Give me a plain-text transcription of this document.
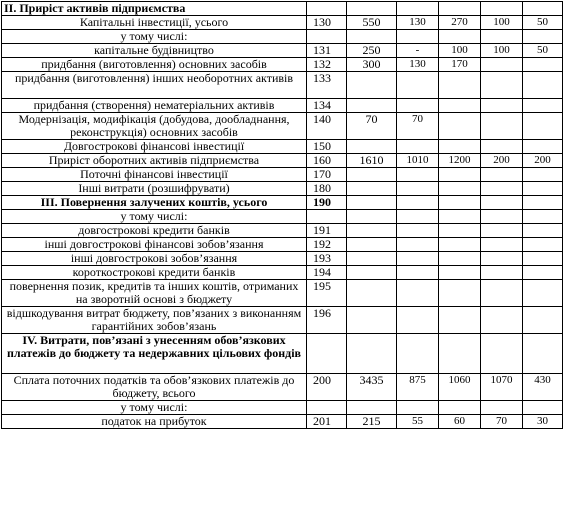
ІІ. Приріст активів підприємства						
Капітальні інвестиції, усього	130	550	130	270	100	50
у тому числі:						
капітальне будівництво	131	250	-	100	100	50
придбання (виготовлення) основних засобів	132	300	130	170		
придбання (виготовлення) інших необоротних активів	133					
придбання (створення) нематеріальних активів	134					
Модернізація, модифікація (добудова, дообладнання, реконструкція) основних засобів	140	70	70			
Довгострокові фінансові інвестиції	150					
Приріст оборотних активів підприємства	160	1610	1010	1200	200	200
Поточні фінансові інвестиції	170					
Інші витрати (розшифрувати)	180					
ІІІ. Повернення залучених коштів, усього	190					
у тому числі:						
довгострокові кредити банків	191					
інші довгострокові фінансові зобов’язання	192					
інші довгострокові зобов’язання	193					
короткострокові кредити банків	194					
повернення позик, кредитів та інших коштів, отриманих на зворотній основі з бюджету	195					
відшкодування витрат бюджету, пов’язаних з виконанням гарантійних зобов’язань	196					
IV. Витрати, пов’язані з унесенням обов’язкових платежів до бюджету та недержавних цільових фондів						
Сплата поточних податків та обов’язкових платежів до бюджету, всього	200	3435	875	1060	1070	430
у тому числі:						
податок на прибуток	201	215	55	60	70	30
